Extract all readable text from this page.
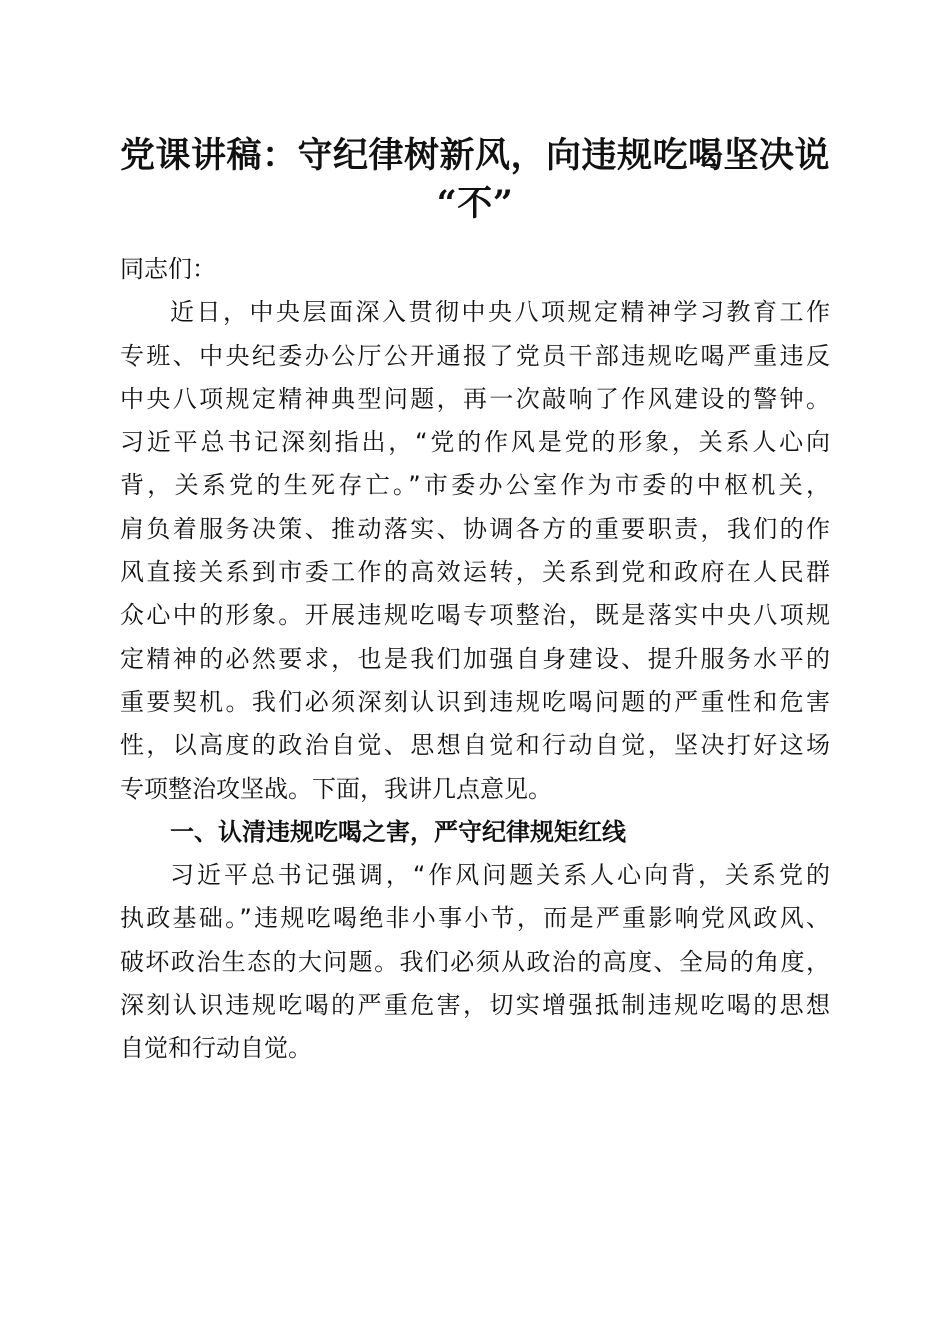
党课讲稿：守纪律树新风，向违规吃喝坚决说
“不”
同志们：
近日，中央层面深入贯彻中央八项规定精神学习教育工作
专班、中央纪委办公厅公开通报了党员干部违规吃喝严重违反
中央八项规定精神典型问题，再一次敲响了作风建设的警钟。
习近平总书记深刻指出，“党的作风是党的形象，关系人心向
背，关系党的生死存亡。”市委办公室作为市委的中枢机关，
肩负着服务决策、推动落实、协调各方的重要职责，我们的作
风直接关系到市委工作的高效运转，关系到党和政府在人民群
众心中的形象。开展违规吃喝专项整治，既是落实中央八项规
定精神的必然要求，也是我们加强自身建设、提升服务水平的
重要契机。我们必须深刻认识到违规吃喝问题的严重性和危害
性，以高度的政治自觉、思想自觉和行动自觉，坚决打好这场
专项整治攻坚战。下面，我讲几点意见。
一、认清违规吃喝之害，严守纪律规矩红线
习近平总书记强调，“作风问题关系人心向背，关系党的
执政基础。”违规吃喝绝非小事小节，而是严重影响党风政风、
破坏政治生态的大问题。我们必须从政治的高度、全局的角度，
深刻认识违规吃喝的严重危害，切实增强抵制违规吃喝的思想
自觉和行动自觉。
